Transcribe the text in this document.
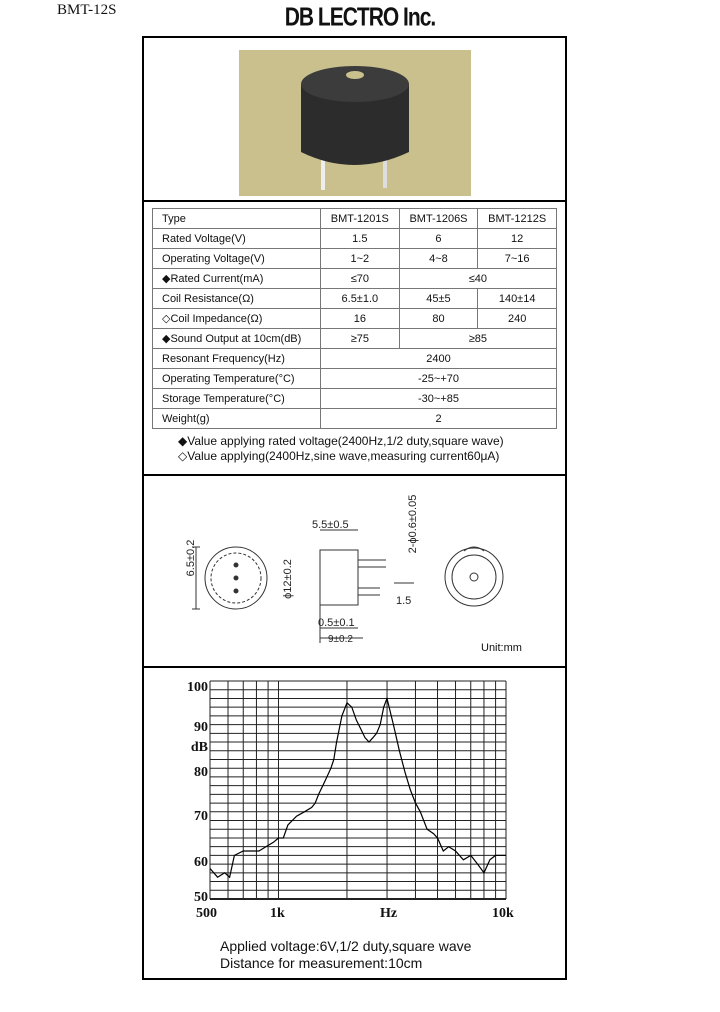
BMT-12S	DB LECTRO Inc.
Type	BMT-1201S	BMT-1206S	BMT-1212S
Rated Voltage(V)	1.5	6	12
Operating Voltage(V)	1~2	4~8	7~16
◆Rated Current(mA)	≤70	≤40	
Coil Resistance(Ω)	6.5±1.0	45±5	140±14
◇Coil Impedance(Ω)	16	80	240
◆Sound Output at 10cm(dB)	≥75	≥85	
Resonant Frequency(Hz)	2400		
Operating Temperature(°C)	-25~+70		
Storage Temperature(°C)	-30~+85		
Weight(g)	2		
◆Value applying rated voltage(2400Hz,1/2 duty,square wave)
◇Value applying(2400Hz,sine wave,measuring current60μA)
5.5±0.5
0.5±0.1
9±0.2
1.5
6.5±0.2
ϕ12±0.2
2-ϕ0.6±0.05
Unit:mm
100
90
dB
80
70
60
50
500	1k	Hz	10k
Applied voltage:6V,1/2 duty,square wave
Distance for measurement:10cm
